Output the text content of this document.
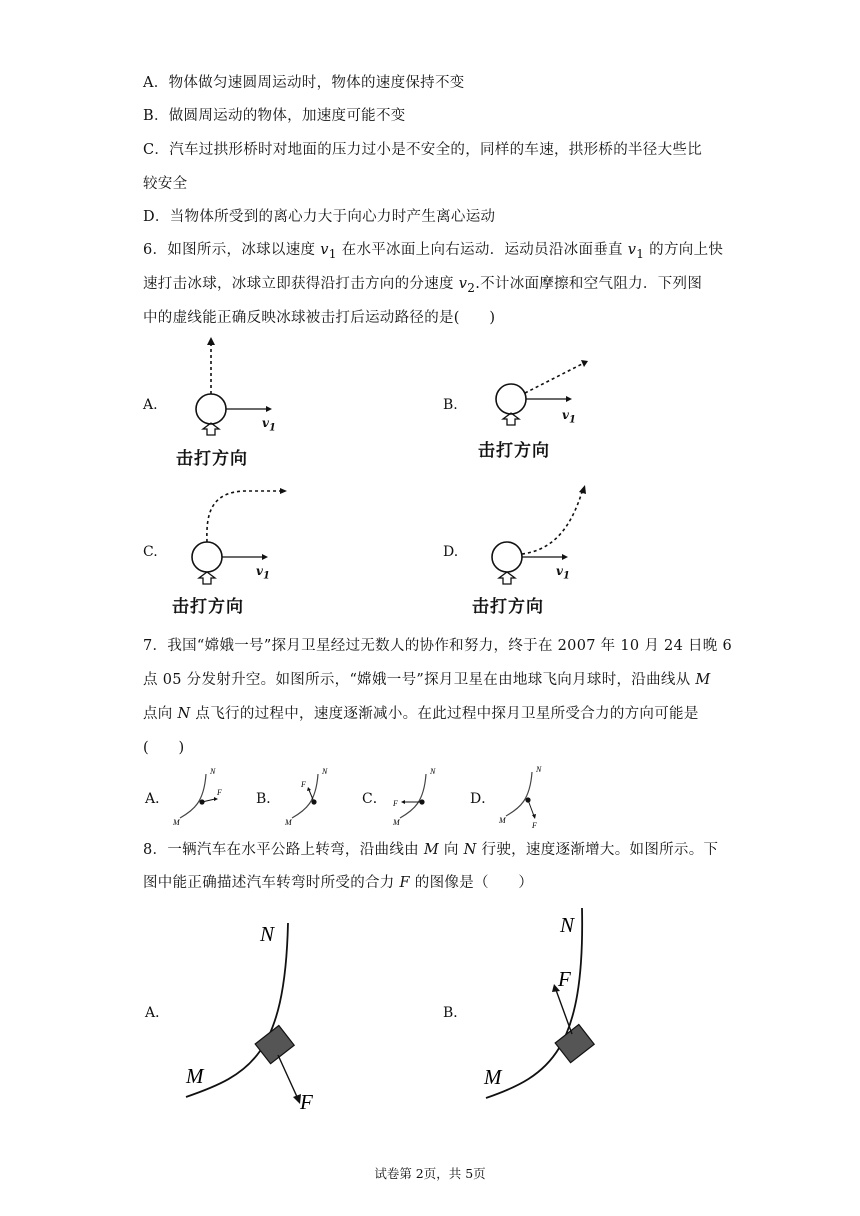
A．物体做匀速圆周运动时，物体的速度保持不变
B．做圆周运动的物体，加速度可能不变
C．汽车过拱形桥时对地面的压力过小是不安全的，同样的车速，拱形桥的半径大些比
较安全
D．当物体所受到的离心力大于向心力时产生离心运动
6．如图所示，冰球以速度 $v_1$ 在水平冰面上向右运动．运动员沿冰面垂直 $v_1$ 的方向上快
速打击冰球，冰球立即获得沿打击方向的分速度 $v_2$.不计冰面摩擦和空气阻力．下列图
中的虚线能正确反映冰球被击打后运动路径的是(　　)
A.	B.
C.	D.
$v_1$
击打方向
$v_1$
击打方向
$v_1$
击打方向
$v_1$
击打方向
7．我国“嫦娥一号”探月卫星经过无数人的协作和努力，终于在 2007 年 10 月 24 日晚 6
点 05 分发射升空。如图所示，“嫦娥一号”探月卫星在由地球飞向月球时，沿曲线从 M
点向 N 点飞行的过程中，速度逐渐减小。在此过程中探月卫星所受合力的方向可能是
(　　)
A．	B．	C．	D．
N
M
F
N
M
F
N
M
F
N
M
F
8．一辆汽车在水平公路上转弯，沿曲线由 M 向 N 行驶，速度逐渐增大。如图所示。下
图中能正确描述汽车转弯时所受的合力 F 的图像是（　　）
A．	B．
N
M
F
N
F
M
试卷第 2页，共 5页
